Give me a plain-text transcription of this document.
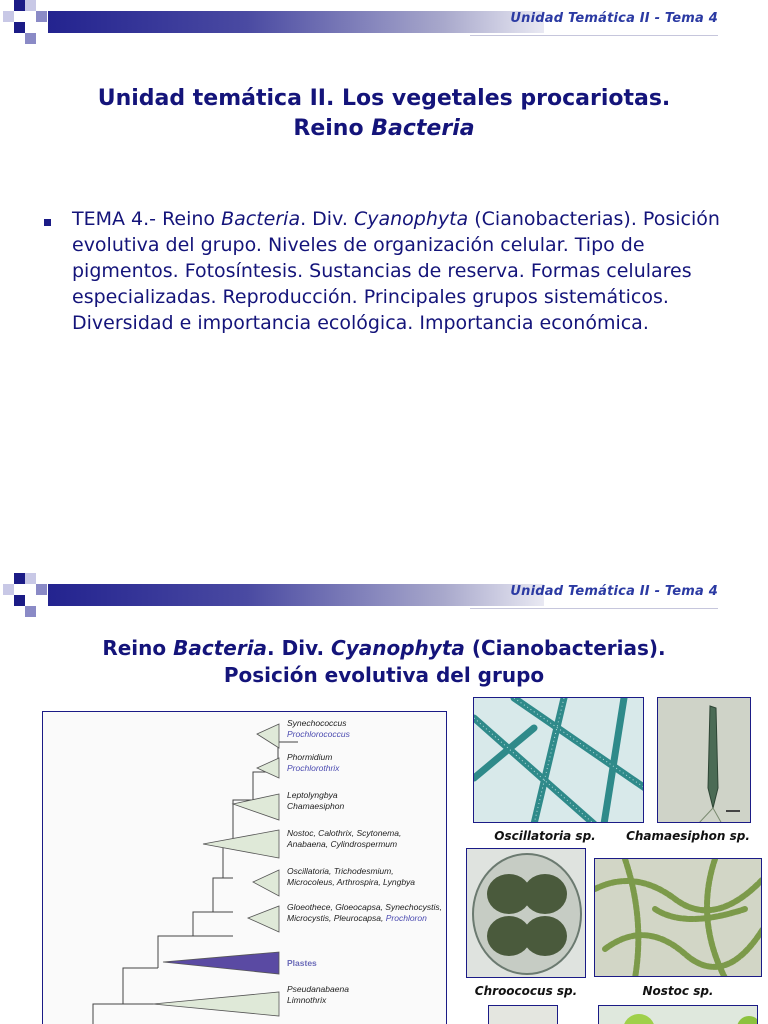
Unidad Temática II - Tema 4
Unidad temática II. Los vegetales procariotas.
Reino Bacteria
TEMA 4.- Reino Bacteria. Div. Cyanophyta (Cianobacterias). Posición evolutiva del grupo. Niveles de organización celular. Tipo de pigmentos. Fotosíntesis. Sustancias de reserva. Formas celulares especializadas. Reproducción. Principales grupos sistemáticos. Diversidad e importancia ecológica. Importancia económica.
Unidad Temática II - Tema 4
Reino Bacteria. Div. Cyanophyta (Cianobacterias).
Posición evolutiva del grupo
Synechococcus
Prochlorococcus
Phormidium
Prochlorothrix
Leptolyngbya
Chamaesiphon
Nostoc, Calothrix, Scytonema,
Anabaena, Cylindrospermum
Oscillatoria, Trichodesmium,
Microcoleus, Arthrospira, Lyngbya
Gloeothece, Gloeocapsa, Synechocystis,
Microcystis, Pleurocapsa, Prochloron
Plastes
Pseudanabaena
Limnothrix
Oscillatoria sp.	Chamaesiphon sp.
Chroococus sp.	Nostoc sp.
